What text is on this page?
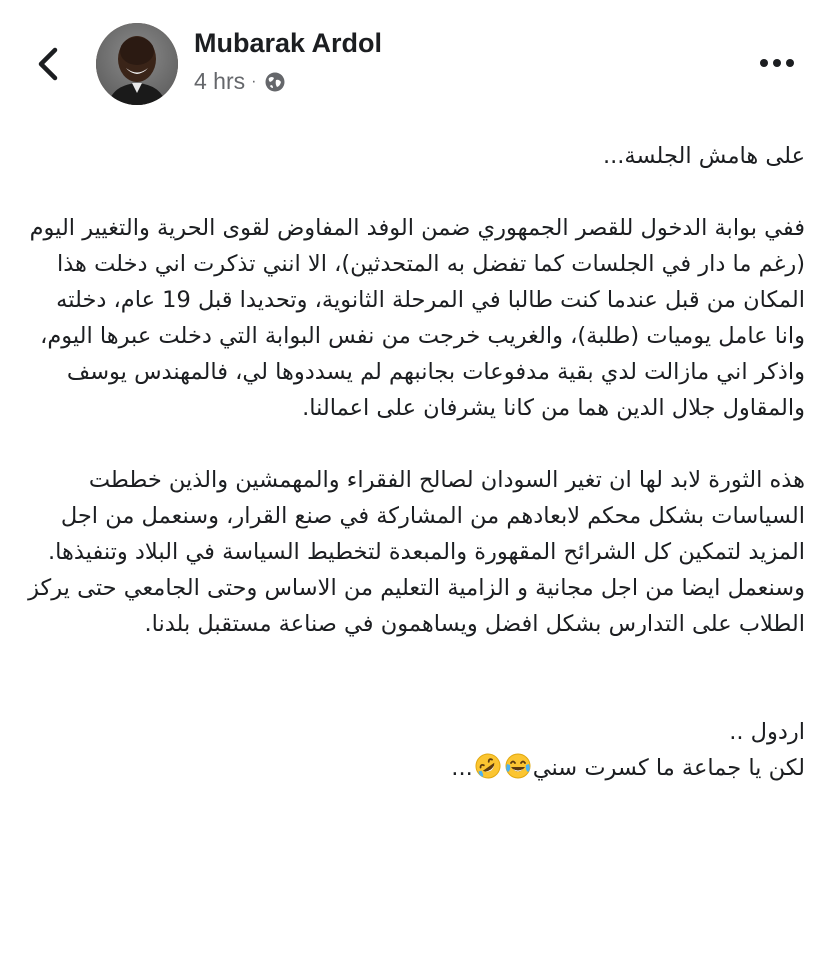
Mubarak Ardol
4 hrs ·

على هامش الجلسة...

ففي بوابة الدخول للقصر الجمهوري ضمن الوفد المفاوض لقوى الحرية والتغيير اليوم (رغم ما دار في الجلسات كما تفضل به المتحدثين)، الا انني تذكرت اني دخلت هذا المكان من قبل عندما كنت طالبا في المرحلة الثانوية، وتحديدا قبل 19 عام، دخلته وانا عامل يوميات (طلبة)، والغريب خرجت من نفس البوابة التي دخلت عبرها اليوم، واذكر اني مازالت لدي بقية مدفوعات بجانبهم لم يسددوها لي، فالمهندس يوسف والمقاول جلال الدين هما من كانا يشرفان على اعمالنا.

هذه الثورة لابد لها ان تغير السودان لصالح الفقراء والمهمشين والذين خططت السياسات بشكل محكم لابعادهم من المشاركة في صنع القرار، وسنعمل من اجل المزيد لتمكين كل الشرائح المقهورة والمبعدة لتخطيط السياسة في البلاد وتنفيذها.

وسنعمل ايضا من اجل مجانية و الزامية التعليم من الاساس وحتى الجامعي حتى يركز الطلاب على التدارس بشكل افضل ويساهمون في صناعة مستقبل بلدنا.

اردول ..

لكن يا جماعة ما كسرت سني...
